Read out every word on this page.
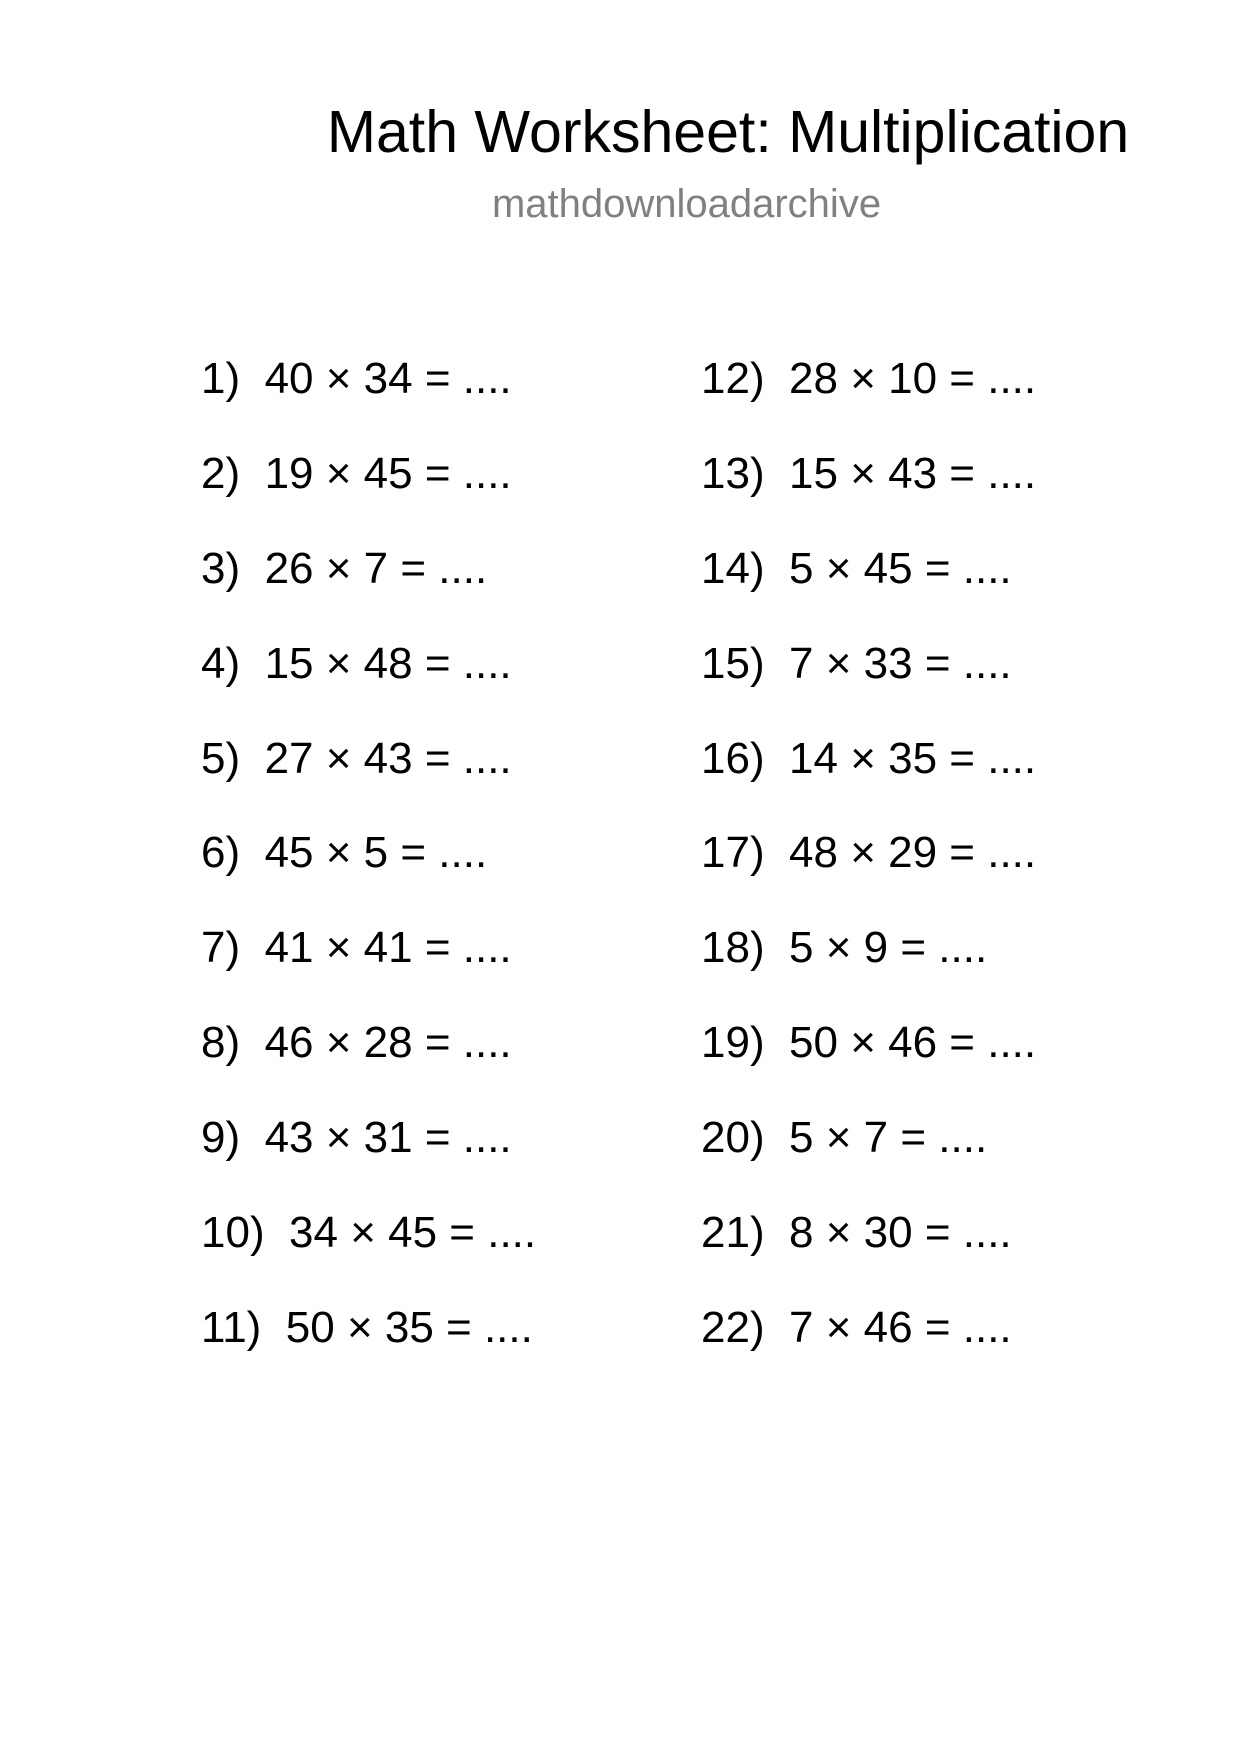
Math Worksheet: Multiplication
mathdownloadarchive
1)  40 × 34 = ....
2)  19 × 45 = ....
3)  26 × 7 = ....
4)  15 × 48 = ....
5)  27 × 43 = ....
6)  45 × 5 = ....
7)  41 × 41 = ....
8)  46 × 28 = ....
9)  43 × 31 = ....
10)  34 × 45 = ....
11)  50 × 35 = ....
12)  28 × 10 = ....
13)  15 × 43 = ....
14)  5 × 45 = ....
15)  7 × 33 = ....
16)  14 × 35 = ....
17)  48 × 29 = ....
18)  5 × 9 = ....
19)  50 × 46 = ....
20)  5 × 7 = ....
21)  8 × 30 = ....
22)  7 × 46 = ....
